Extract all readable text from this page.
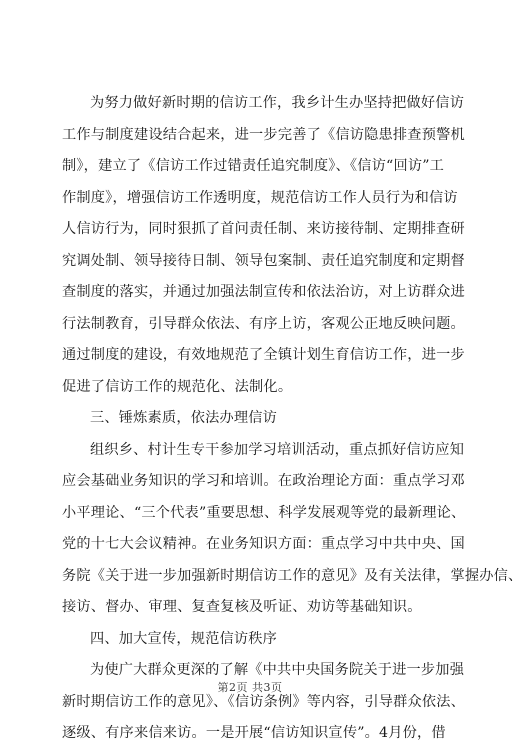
为努力做好新时期的信访工作，我乡计生办坚持把做好信访
工作与制度建设结合起来，进一步完善了《信访隐患排查预警机
制》，建立了《信访工作过错责任追究制度》、《信访“回访”工
作制度》，增强信访工作透明度，规范信访工作人员行为和信访
人信访行为，同时狠抓了首问责任制、来访接待制、定期排查研
究调处制、领导接待日制、领导包案制、责任追究制度和定期督
查制度的落实，并通过加强法制宣传和依法治访，对上访群众进
行法制教育，引导群众依法、有序上访，客观公正地反映问题。
通过制度的建设，有效地规范了全镇计划生育信访工作，进一步
促进了信访工作的规范化、法制化。
三、锤炼素质，依法办理信访
组织乡、村计生专干参加学习培训活动，重点抓好信访应知
应会基础业务知识的学习和培训。在政治理论方面：重点学习邓
小平理论、“三个代表”重要思想、科学发展观等党的最新理论、
党的十七大会议精神。在业务知识方面：重点学习中共中央、国
务院《关于进一步加强新时期信访工作的意见》及有关法律，掌握办信、
接访、督办、审理、复查复核及听证、劝访等基础知识。
四、加大宣传，规范信访秩序
为使广大群众更深的了解《中共中央国务院关于进一步加强
新时期信访工作的意见》、《信访条例》等内容，引导群众依法、
逐级、有序来信来访。一是开展“信访知识宣传”。4月份，借
第2页 共3页
